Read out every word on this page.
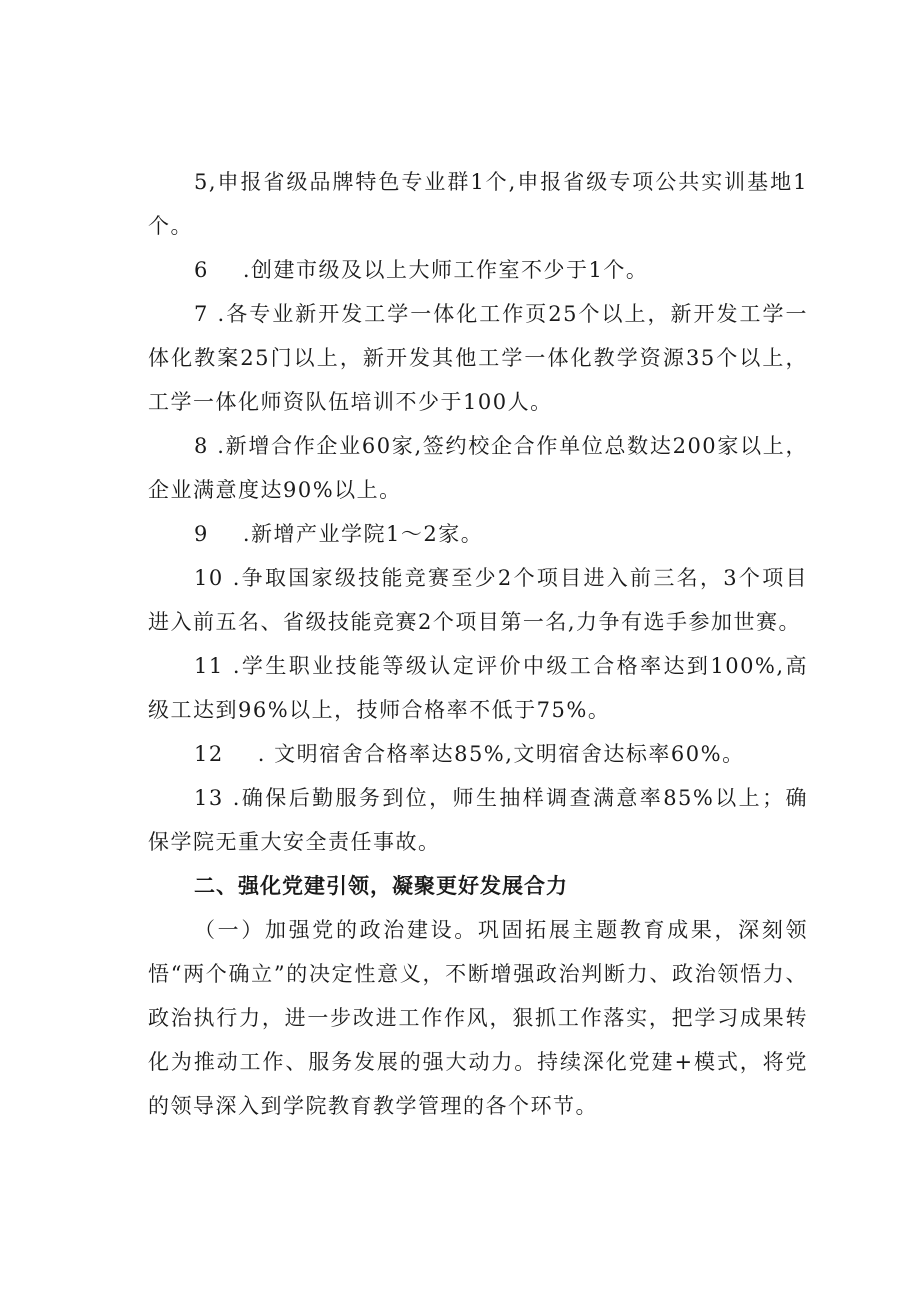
5,申报省级品牌特色专业群1个,申报省级专项公共实训基地1个。

6 .创建市级及以上大师工作室不少于1个。

7 .各专业新开发工学一体化工作页25个以上，新开发工学一体化教案25门以上，新开发其他工学一体化教学资源35个以上，工学一体化师资队伍培训不少于100人。

8 .新增合作企业60家,签约校企合作单位总数达200家以上，企业满意度达90%以上。

9 .新增产业学院1〜2家。

10 .争取国家级技能竞赛至少2个项目进入前三名，3个项目进入前五名、省级技能竞赛2个项目第一名,力争有选手参加世赛。

11 .学生职业技能等级认定评价中级工合格率达到100%,高级工达到96%以上，技师合格率不低于75%。

12 . 文明宿舍合格率达85%,文明宿舍达标率60%。

13 .确保后勤服务到位，师生抽样调查满意率85%以上；确保学院无重大安全责任事故。

二、强化党建引领，凝聚更好发展合力

（一）加强党的政治建设。巩固拓展主题教育成果，深刻领悟“两个确立”的决定性意义，不断增强政治判断力、政治领悟力、政治执行力，进一步改进工作作风，狠抓工作落实，把学习成果转化为推动工作、服务发展的强大动力。持续深化党建+模式，将党的领导深入到学院教育教学管理的各个环节。
